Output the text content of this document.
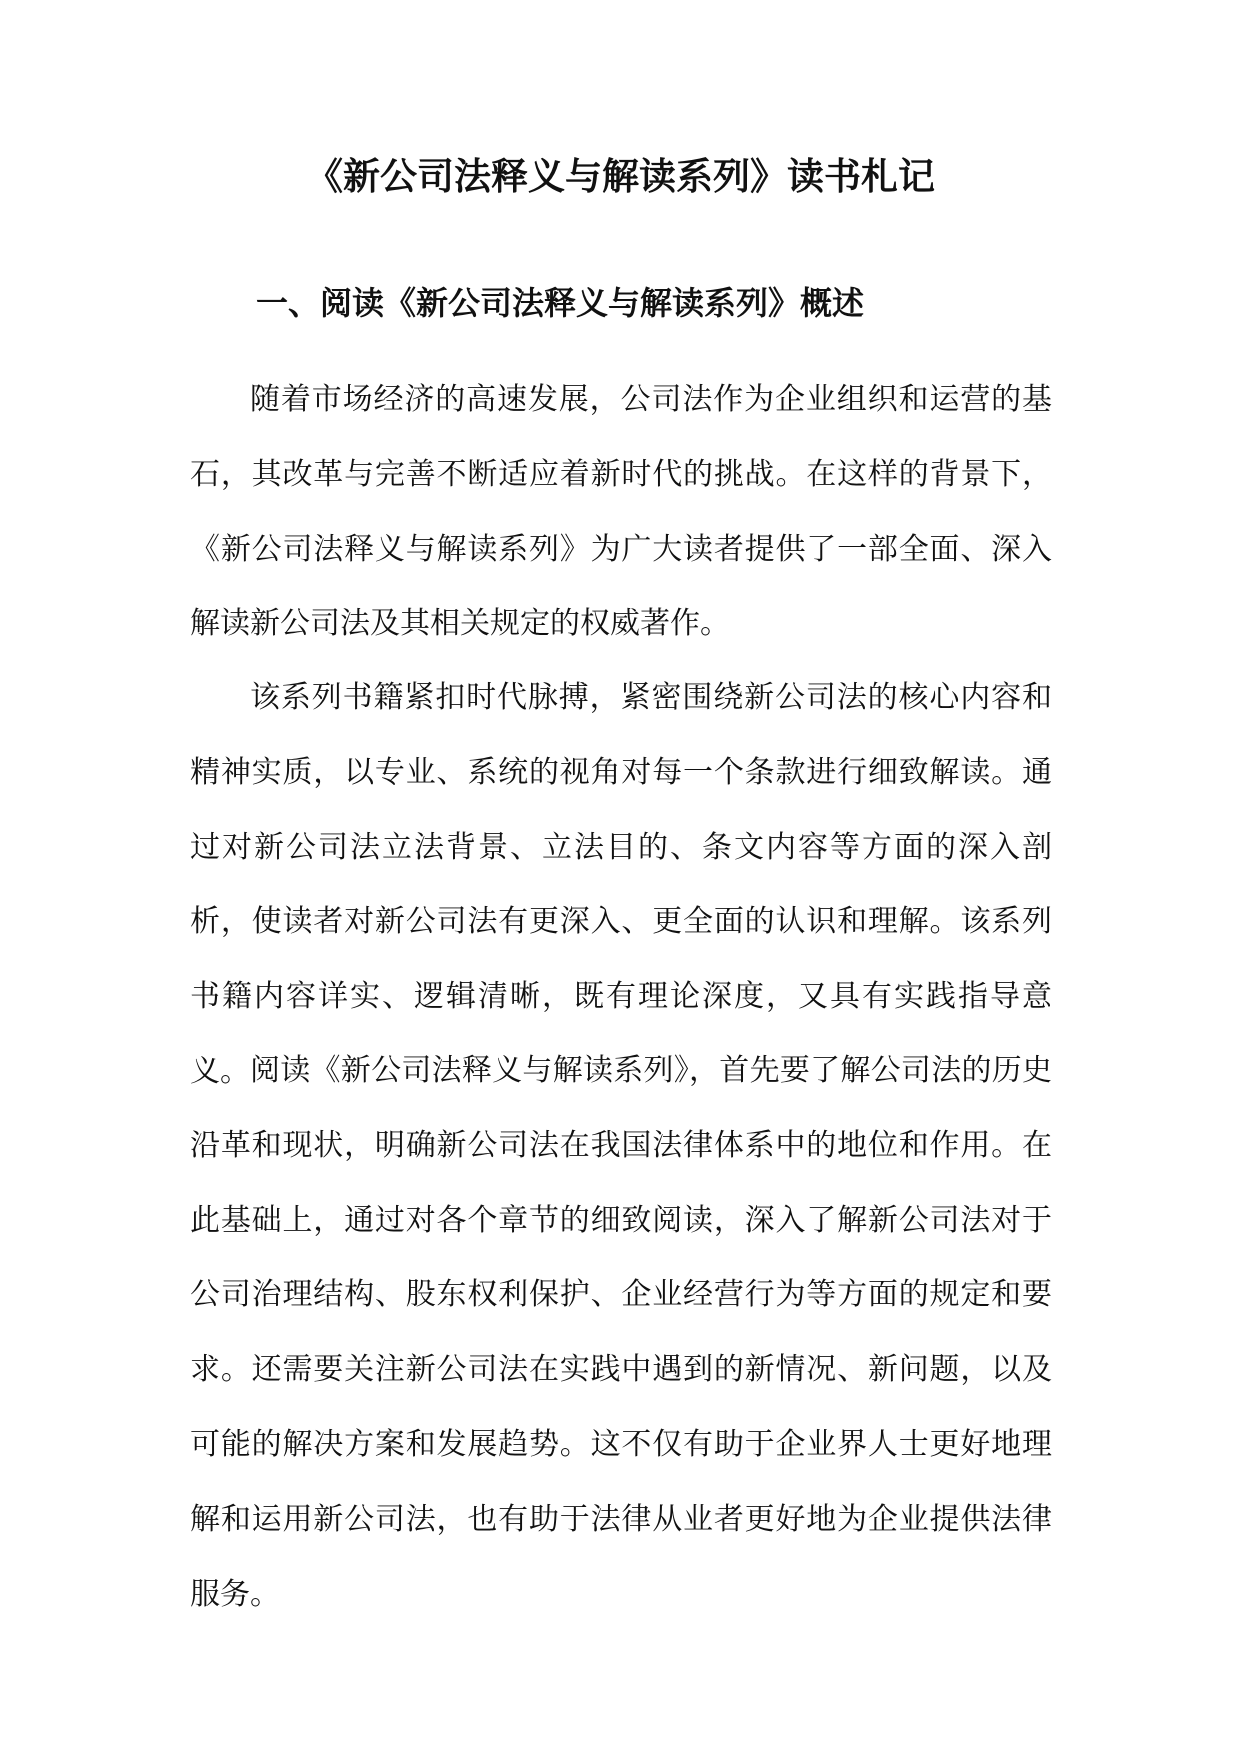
《新公司法释义与解读系列》读书札记
一、阅读《新公司法释义与解读系列》概述

随着市场经济的高速发展，公司法作为企业组织和运营的基石，其改革与完善不断适应着新时代的挑战。在这样的背景下，《新公司法释义与解读系列》为广大读者提供了一部全面、深入解读新公司法及其相关规定的权威著作。

该系列书籍紧扣时代脉搏，紧密围绕新公司法的核心内容和精神实质，以专业、系统的视角对每一个条款进行细致解读。通过对新公司法立法背景、立法目的、条文内容等方面的深入剖析，使读者对新公司法有更深入、更全面的认识和理解。该系列书籍内容详实、逻辑清晰，既有理论深度，又具有实践指导意义。 阅读《新公司法释义与解读系列》，首先要了解公司法的历史沿革和现状，明确新公司法在我国法律体系中的地位和作用。在此基础上，通过对各个章节的细致阅读，深入了解新公司法对于公司治理结构、股东权利保护、企业经营行为等方面的规定和要求。还需要关注新公司法在实践中遇到的新情况、新问题，以及可能的解决方案和发展趋势。这不仅有助于企业界人士更好地理解和运用新公司法，也有助于法律从业者更好地为企业提供法律服务。
